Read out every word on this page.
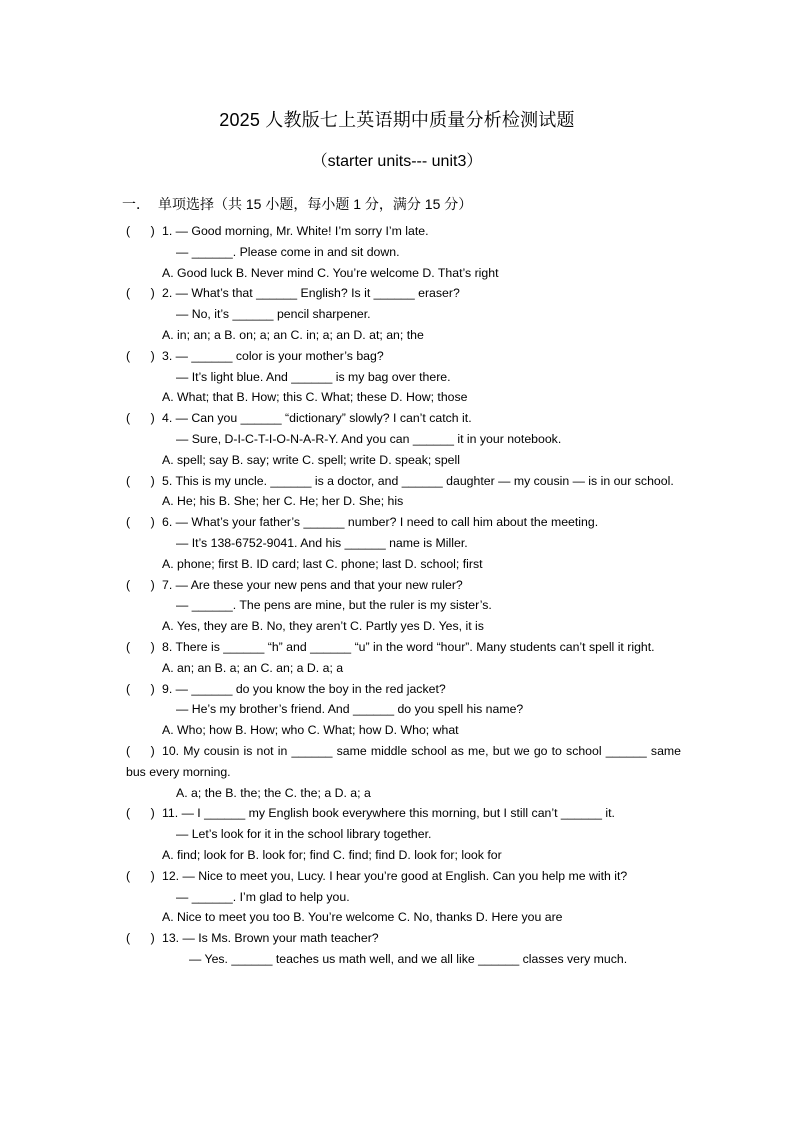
2025 人教版七上英语期中质量分析检测试题
（starter units--- unit3）
一． 单项选择（共 15 小题，每小题 1 分，满分 15 分）
(      ) 1. — Good morning, Mr. White! I’m sorry I’m late.
— ______. Please come in and sit down.
A. Good luck B. Never mind C. You’re welcome D. That’s right
(      ) 2. — What’s that ______ English? Is it ______ eraser?
— No, it’s ______ pencil sharpener.
A. in; an; a B. on; a; an C. in; a; an D. at; an; the
(      ) 3. — ______ color is your mother’s bag?
— It’s light blue. And ______ is my bag over there.
A. What; that B. How; this C. What; these D. How; those
(      ) 4. — Can you ______ “dictionary” slowly? I can’t catch it.
— Sure, D-I-C-T-I-O-N-A-R-Y. And you can ______ it in your notebook.
A. spell; say B. say; write C. spell; write D. speak; spell
(      ) 5. This is my uncle. ______ is a doctor, and ______ daughter — my cousin — is in our school.
A. He; his B. She; her C. He; her D. She; his
(      ) 6. — What’s your father’s ______ number? I need to call him about the meeting.
— It’s 138-6752-9041. And his ______ name is Miller.
A. phone; first B. ID card; last C. phone; last D. school; first
(      ) 7. — Are these your new pens and that your new ruler?
— ______. The pens are mine, but the ruler is my sister’s.
A. Yes, they are B. No, they aren’t C. Partly yes D. Yes, it is
(      ) 8. There is ______ “h” and ______ “u” in the word “hour”. Many students can’t spell it right.
A. an; an B. a; an C. an; a D. a; a
(      ) 9. — ______ do you know the boy in the red jacket?
— He’s my brother’s friend. And ______ do you spell his name?
A. Who; how B. How; who C. What; how D. Who; what
(      ) 10. My cousin is not in ______ same middle school as me, but we go to school ______ same bus every morning.
A. a; the B. the; the C. the; a D. a; a
(      ) 11. — I ______ my English book everywhere this morning, but I still can’t ______ it.
— Let’s look for it in the school library together.
A. find; look for B. look for; find C. find; find D. look for; look for
(      ) 12. — Nice to meet you, Lucy. I hear you’re good at English. Can you help me with it?
— ______. I’m glad to help you.
A. Nice to meet you too B. You’re welcome C. No, thanks D. Here you are
(      ) 13. — Is Ms. Brown your math teacher?
— Yes. ______ teaches us math well, and we all like ______ classes very much.
